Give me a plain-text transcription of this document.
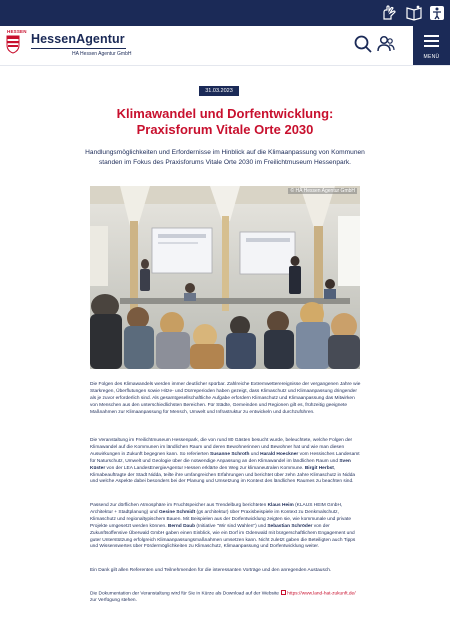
HESSEN
HessenAgentur
HA Hessen Agentur GmbH	MENÜ
31.03.2023
Klimawandel und Dorfentwicklung:
Praxisforum Vitale Orte 2030

Handlungsmöglichkeiten und Erfordernisse im Hinblick auf die Klimaanpassung von Kommunen standen im Fokus des Praxisforums Vitale Orte 2030 im Freilichtmuseum Hessenpark.

© HA Hessen Agentur GmbH

Die Folgen des Klimawandels werden immer deutlicher spürbar. Zahlreiche Extremwetterereignisse der vergangenen Jahre wie Starkregen, Überflutungen sowie Hitze- und Dürreperioden haben gezeigt, dass Klimaschutz und Klimaanpassung dringender als je zuvor erforderlich sind. Als gesamtgesellschaftliche Aufgabe erfordern Klimaschutz und Klimaanpassung das Mitwirken von Menschen aus den unterschiedlichsten Bereichen. Für Städte, Gemeinden und Regionen gilt es, frühzeitig geeignete Maßnahmen zur Klimaanpassung für Mensch, Umwelt und Infrastruktur zu entwickeln und durchzuführen.

Die Veranstaltung im Freilichtmuseum Hessenpark, die von rund 80 Gästen besucht wurde, beleuchtete, welche Folgen der Klimawandel auf die Kommunen im ländlichen Raum und deren Bewohnerinnen und Bewohner hat und wie man diesen Auswirkungen in Zukunft begegnen kann. So referierten Susanne Schroth und Harald Hoeckner vom Hessisches Landesamt für Naturschutz, Umwelt und Geologie über die notwendige Anpassung an den Klimawandel im ländlichen Raum und Sven Küster von der LEA LandesEnergieAgentur Hessen erklärte den Weg zur klimaneutralen Kommune. Birgit Herbst, Klimabeauftragte der Stadt Nidda, teilte ihre umfangreichen Erfahrungen und berichtet über zehn Jahre Klimaschutz in Nidda und welche Aspekte dabei besonders bei der Planung und Umsetzung im Kontext des ländlichen Raumes zu beachten sind.

Passend zur dörflichen Atmosphäre im Fruchtspeicher aus Trendelburg berichteten Klaus Heim (KLAUS HEIM GmbH, Architektur + Stadtplanung) und Gesine Schmidt (gs architektur) über Praxisbeispiele im Kontext zu Denkmalschutz, Klimaschutz und regionaltypischem Bauen. Mit Beispielen aus der Dorfentwicklung zeigten sie, wie kommunale und private Projekte umgesetzt werden können. Bernd Daub (Initiative "Wir sind Wahlen") und Sebastian Schröder von der Zukunftsoffensive Überwald GmbH gaben einen Einblick, wie ein Dorf im Odenwald mit bürgerschaftlichem Engagement und guter Unterstützung erfolgreich Klimaanpassungsmaßnahmen umsetzen kann. Nicht zuletzt gaben die Beteiligten auch Tipps und Wissenswertes über Fördermöglichkeiten zu Klimaschutz, Klimaanpassung und Dorfentwicklung weiter.

Ein Dank gilt allen Referenten und Teilnehmenden für die interessanten Vorträge und den anregenden Austausch.

Die Dokumentation der Veranstaltung wird für Sie in Kürze als Download auf der Website https://www.land-hat-zukunft.de/ zur Verfügung stehen.
